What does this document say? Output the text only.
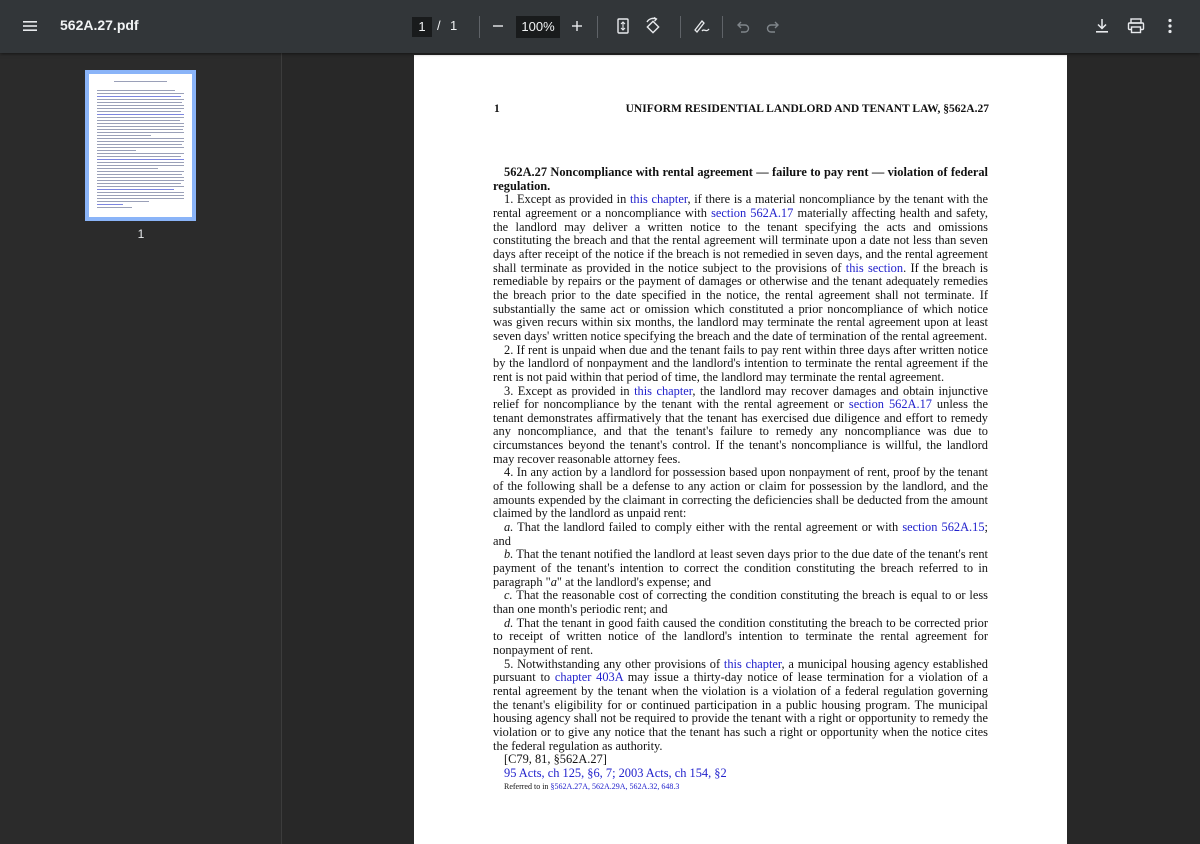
562A.27.pdf	1 / 1	100%
1
1	UNIFORM RESIDENTIAL LANDLORD AND TENANT LAW, §562A.27

562A.27 Noncompliance with rental agreement — failure to pay rent — violation of federal regulation.

1. Except as provided in this chapter, if there is a material noncompliance by the tenant with the rental agreement or a noncompliance with section 562A.17 materially affecting health and safety, the landlord may deliver a written notice to the tenant specifying the acts and omissions constituting the breach and that the rental agreement will terminate upon a date not less than seven days after receipt of the notice if the breach is not remedied in seven days, and the rental agreement shall terminate as provided in the notice subject to the provisions of this section. If the breach is remediable by repairs or the payment of damages or otherwise and the tenant adequately remedies the breach prior to the date specified in the notice, the rental agreement shall not terminate. If substantially the same act or omission which constituted a prior noncompliance of which notice was given recurs within six months, the landlord may terminate the rental agreement upon at least seven days' written notice specifying the breach and the date of termination of the rental agreement.

2. If rent is unpaid when due and the tenant fails to pay rent within three days after written notice by the landlord of nonpayment and the landlord's intention to terminate the rental agreement if the rent is not paid within that period of time, the landlord may terminate the rental agreement.

3. Except as provided in this chapter, the landlord may recover damages and obtain injunctive relief for noncompliance by the tenant with the rental agreement or section 562A.17 unless the tenant demonstrates affirmatively that the tenant has exercised due diligence and effort to remedy any noncompliance, and that the tenant's failure to remedy any noncompliance was due to circumstances beyond the tenant's control. If the tenant's noncompliance is willful, the landlord may recover reasonable attorney fees.

4. In any action by a landlord for possession based upon nonpayment of rent, proof by the tenant of the following shall be a defense to any action or claim for possession by the landlord, and the amounts expended by the claimant in correcting the deficiencies shall be deducted from the amount claimed by the landlord as unpaid rent:

a. That the landlord failed to comply either with the rental agreement or with section 562A.15; and

b. That the tenant notified the landlord at least seven days prior to the due date of the tenant's rent payment of the tenant's intention to correct the condition constituting the breach referred to in paragraph "a" at the landlord's expense; and

c. That the reasonable cost of correcting the condition constituting the breach is equal to or less than one month's periodic rent; and

d. That the tenant in good faith caused the condition constituting the breach to be corrected prior to receipt of written notice of the landlord's intention to terminate the rental agreement for nonpayment of rent.

5. Notwithstanding any other provisions of this chapter, a municipal housing agency established pursuant to chapter 403A may issue a thirty-day notice of lease termination for a violation of a rental agreement by the tenant when the violation is a violation of a federal regulation governing the tenant's eligibility for or continued participation in a public housing program. The municipal housing agency shall not be required to provide the tenant with a right or opportunity to remedy the violation or to give any notice that the tenant has such a right or opportunity when the notice cites the federal regulation as authority.

[C79, 81, §562A.27]

95 Acts, ch 125, §6, 7; 2003 Acts, ch 154, §2

Referred to in §562A.27A, 562A.29A, 562A.32, 648.3
